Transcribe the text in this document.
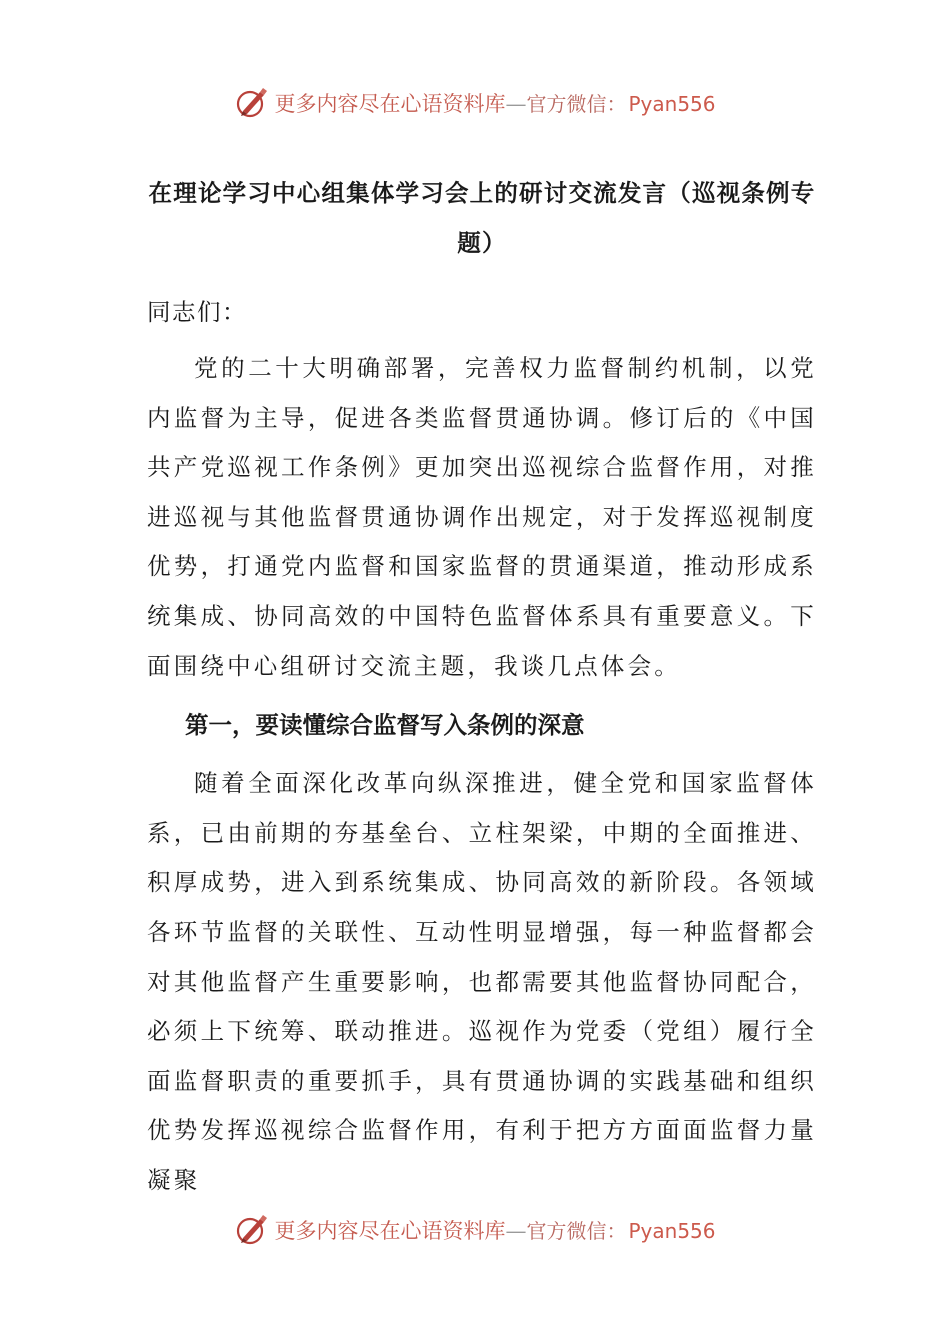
更多内容尽在心语资料库—官方微信： Pyan556
在理论学习中心组集体学习会上的研讨交流发言（巡视条例专题）
同志们：

党的二十大明确部署，完善权力监督制约机制，以党内监督为主导，促进各类监督贯通协调。修订后的《中国共产党巡视工作条例》更加突出巡视综合监督作用，对推进巡视与其他监督贯通协调作出规定，对于发挥巡视制度优势，打通党内监督和国家监督的贯通渠道，推动形成系统集成、协同高效的中国特色监督体系具有重要意义。下面围绕中心组研讨交流主题，我谈几点体会。

第一，要读懂综合监督写入条例的深意

随着全面深化改革向纵深推进，健全党和国家监督体系，已由前期的夯基垒台、立柱架梁，中期的全面推进、积厚成势，进入到系统集成、协同高效的新阶段。各领域各环节监督的关联性、互动性明显增强，每一种监督都会对其他监督产生重要影响，也都需要其他监督协同配合，必须上下统筹、联动推进。巡视作为党委（党组）履行全面监督职责的重要抓手，具有贯通协调的实践基础和组织优势发挥巡视综合监督作用，有利于把方方面面监督力量凝聚

更多内容尽在心语资料库—官方微信： Pyan556
